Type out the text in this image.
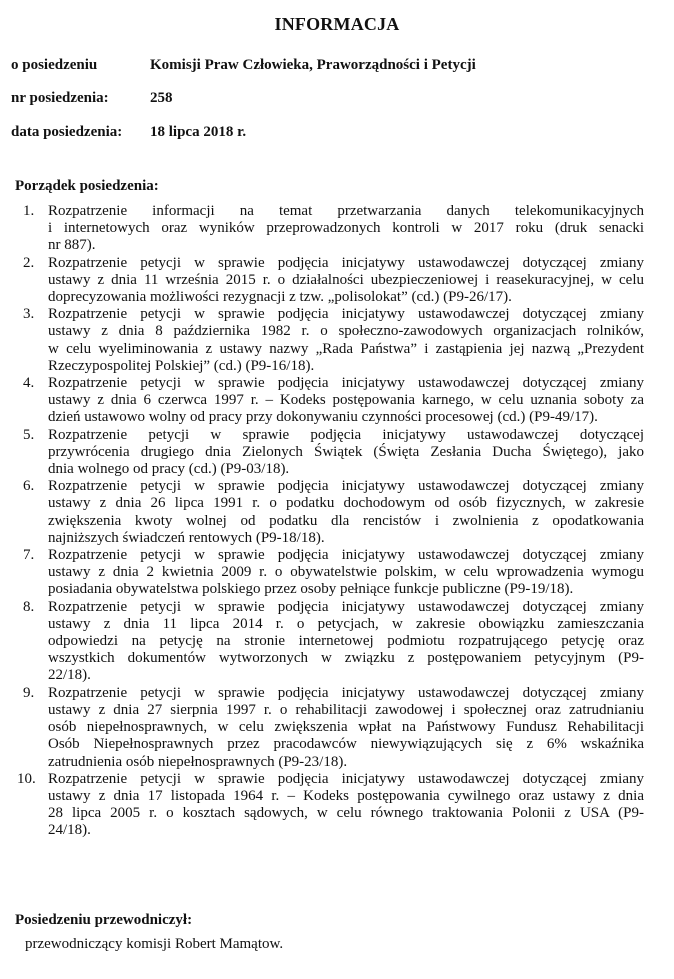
INFORMACJA
o posiedzeniu	Komisji Praw Człowieka, Praworządności i Petycji
nr posiedzenia:	258
data posiedzenia: 18 lipca 2018 r.
Porządek posiedzenia:
1. Rozpatrzenie informacji na temat przetwarzania danych telekomunikacyjnych
i internetowych oraz wyników przeprowadzonych kontroli w 2017 roku (druk senacki
nr 887).
2. Rozpatrzenie petycji w sprawie podjęcia inicjatywy ustawodawczej dotyczącej zmiany
ustawy z dnia 11 września 2015 r. o działalności ubezpieczeniowej i reasekuracyjnej, w celu
doprecyzowania możliwości rezygnacji z tzw. „polisolokat” (cd.) (P9-26/17).
3. Rozpatrzenie petycji w sprawie podjęcia inicjatywy ustawodawczej dotyczącej zmiany
ustawy z dnia 8 października 1982 r. o społeczno-zawodowych organizacjach rolników,
w celu wyeliminowania z ustawy nazwy „Rada Państwa” i zastąpienia jej nazwą „Prezydent
Rzeczypospolitej Polskiej” (cd.) (P9-16/18).
4. Rozpatrzenie petycji w sprawie podjęcia inicjatywy ustawodawczej dotyczącej zmiany
ustawy z dnia 6 czerwca 1997 r. – Kodeks postępowania karnego, w celu uznania soboty za
dzień ustawowo wolny od pracy przy dokonywaniu czynności procesowej (cd.) (P9-49/17).
5. Rozpatrzenie petycji w sprawie podjęcia inicjatywy ustawodawczej dotyczącej
przywrócenia drugiego dnia Zielonych Świątek (Święta Zesłania Ducha Świętego), jako
dnia wolnego od pracy (cd.) (P9-03/18).
6. Rozpatrzenie petycji w sprawie podjęcia inicjatywy ustawodawczej dotyczącej zmiany
ustawy z dnia 26 lipca 1991 r. o podatku dochodowym od osób fizycznych, w zakresie
zwiększenia kwoty wolnej od podatku dla rencistów i zwolnienia z opodatkowania
najniższych świadczeń rentowych (P9-18/18).
7. Rozpatrzenie petycji w sprawie podjęcia inicjatywy ustawodawczej dotyczącej zmiany
ustawy z dnia 2 kwietnia 2009 r. o obywatelstwie polskim, w celu wprowadzenia wymogu
posiadania obywatelstwa polskiego przez osoby pełniące funkcje publiczne (P9-19/18).
8. Rozpatrzenie petycji w sprawie podjęcia inicjatywy ustawodawczej dotyczącej zmiany
ustawy z dnia 11 lipca 2014 r. o petycjach, w zakresie obowiązku zamieszczania
odpowiedzi na petycję na stronie internetowej podmiotu rozpatrującego petycję oraz
wszystkich dokumentów wytworzonych w związku z postępowaniem petycyjnym (P9-
22/18).
9. Rozpatrzenie petycji w sprawie podjęcia inicjatywy ustawodawczej dotyczącej zmiany
ustawy z dnia 27 sierpnia 1997 r. o rehabilitacji zawodowej i społecznej oraz zatrudnianiu
osób niepełnosprawnych, w celu zwiększenia wpłat na Państwowy Fundusz Rehabilitacji
Osób Niepełnosprawnych przez pracodawców niewywiązujących się z 6% wskaźnika
zatrudnienia osób niepełnosprawnych (P9-23/18).
10. Rozpatrzenie petycji w sprawie podjęcia inicjatywy ustawodawczej dotyczącej zmiany
ustawy z dnia 17 listopada 1964 r. – Kodeks postępowania cywilnego oraz ustawy z dnia
28 lipca 2005 r. o kosztach sądowych, w celu równego traktowania Polonii z USA (P9-
24/18).
Posiedzeniu przewodniczył:
przewodniczący komisji Robert Mamątow.
